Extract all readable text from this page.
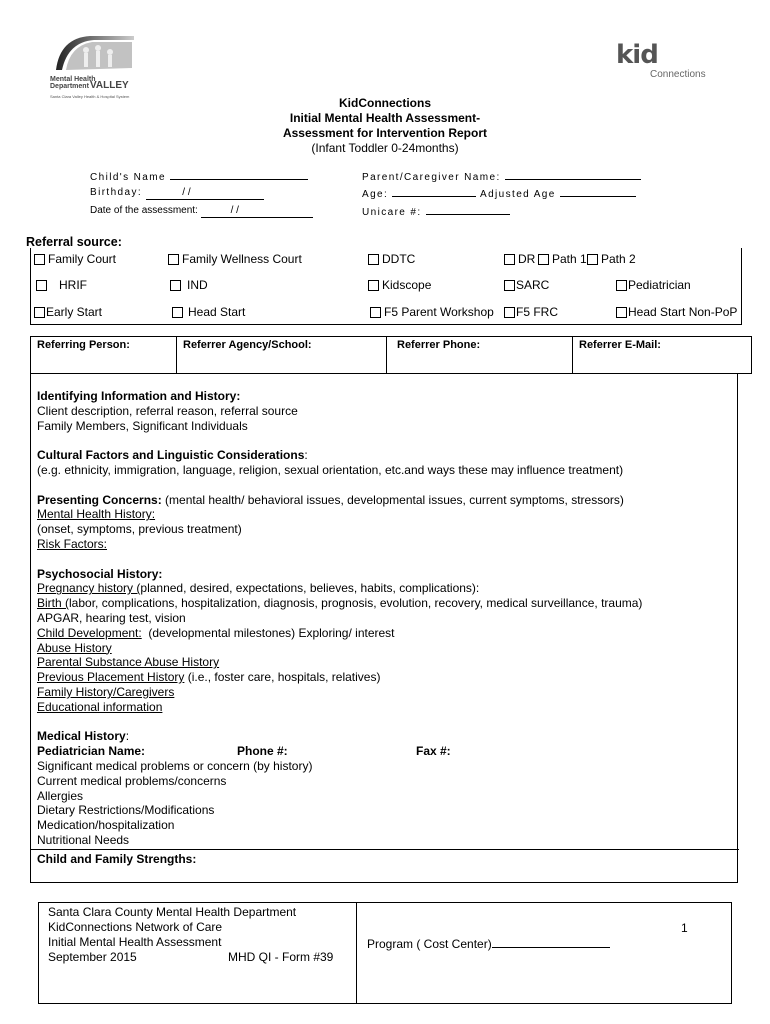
Mental Health
Department VALLEY
Santa Clara Valley Health & Hospital System
kid
Connections
KidConnections
Initial Mental Health Assessment-
Assessment for Intervention Report
(Infant Toddler 0-24months)
Child's Name	Parent/Caregiver Name:
Birthday:	/ /	Age:	Adjusted Age
Date of the assessment:	/ /	Unicare #:
Referral source:
Family Court	Family Wellness Court	DDTC	DR Path 1 Path 2
HRIF	IND	Kidscope	SARC	Pediatrician
Early Start	Head Start	F5 Parent Workshop F5 FRC	Head Start Non-PoP
Referring Person:	Referrer Agency/School:	Referrer Phone:	Referrer E-Mail:
Identifying Information and History:
Client description, referral reason, referral source
Family Members, Significant Individuals
Cultural Factors and Linguistic Considerations:
(e.g. ethnicity, immigration, language, religion, sexual orientation, etc.and ways these may influence treatment)
Presenting Concerns: (mental health/ behavioral issues, developmental issues, current symptoms, stressors)
Mental Health History:
(onset, symptoms, previous treatment)
Risk Factors:
Psychosocial History:
Pregnancy history (planned, desired, expectations, believes, habits, complications):
Birth (labor, complications, hospitalization, diagnosis, prognosis, evolution, recovery, medical surveillance, trauma)
APGAR, hearing test, vision
Child Development:  (developmental milestones) Exploring/ interest
Abuse History
Parental Substance Abuse History
Previous Placement History (i.e., foster care, hospitals, relatives)
Family History/Caregivers
Educational information
Medical History:
Pediatrician Name:	Phone #:	Fax #:
Significant medical problems or concern (by history)
Current medical problems/concerns
Allergies
Dietary Restrictions/Modifications
Medication/hospitalization
Nutritional Needs
Child and Family Strengths:
Santa Clara County Mental Health Department
KidConnections Network of Care
Initial Mental Health Assessment
September 2015	MHD QI - Form #39
1
Program ( Cost Center)
